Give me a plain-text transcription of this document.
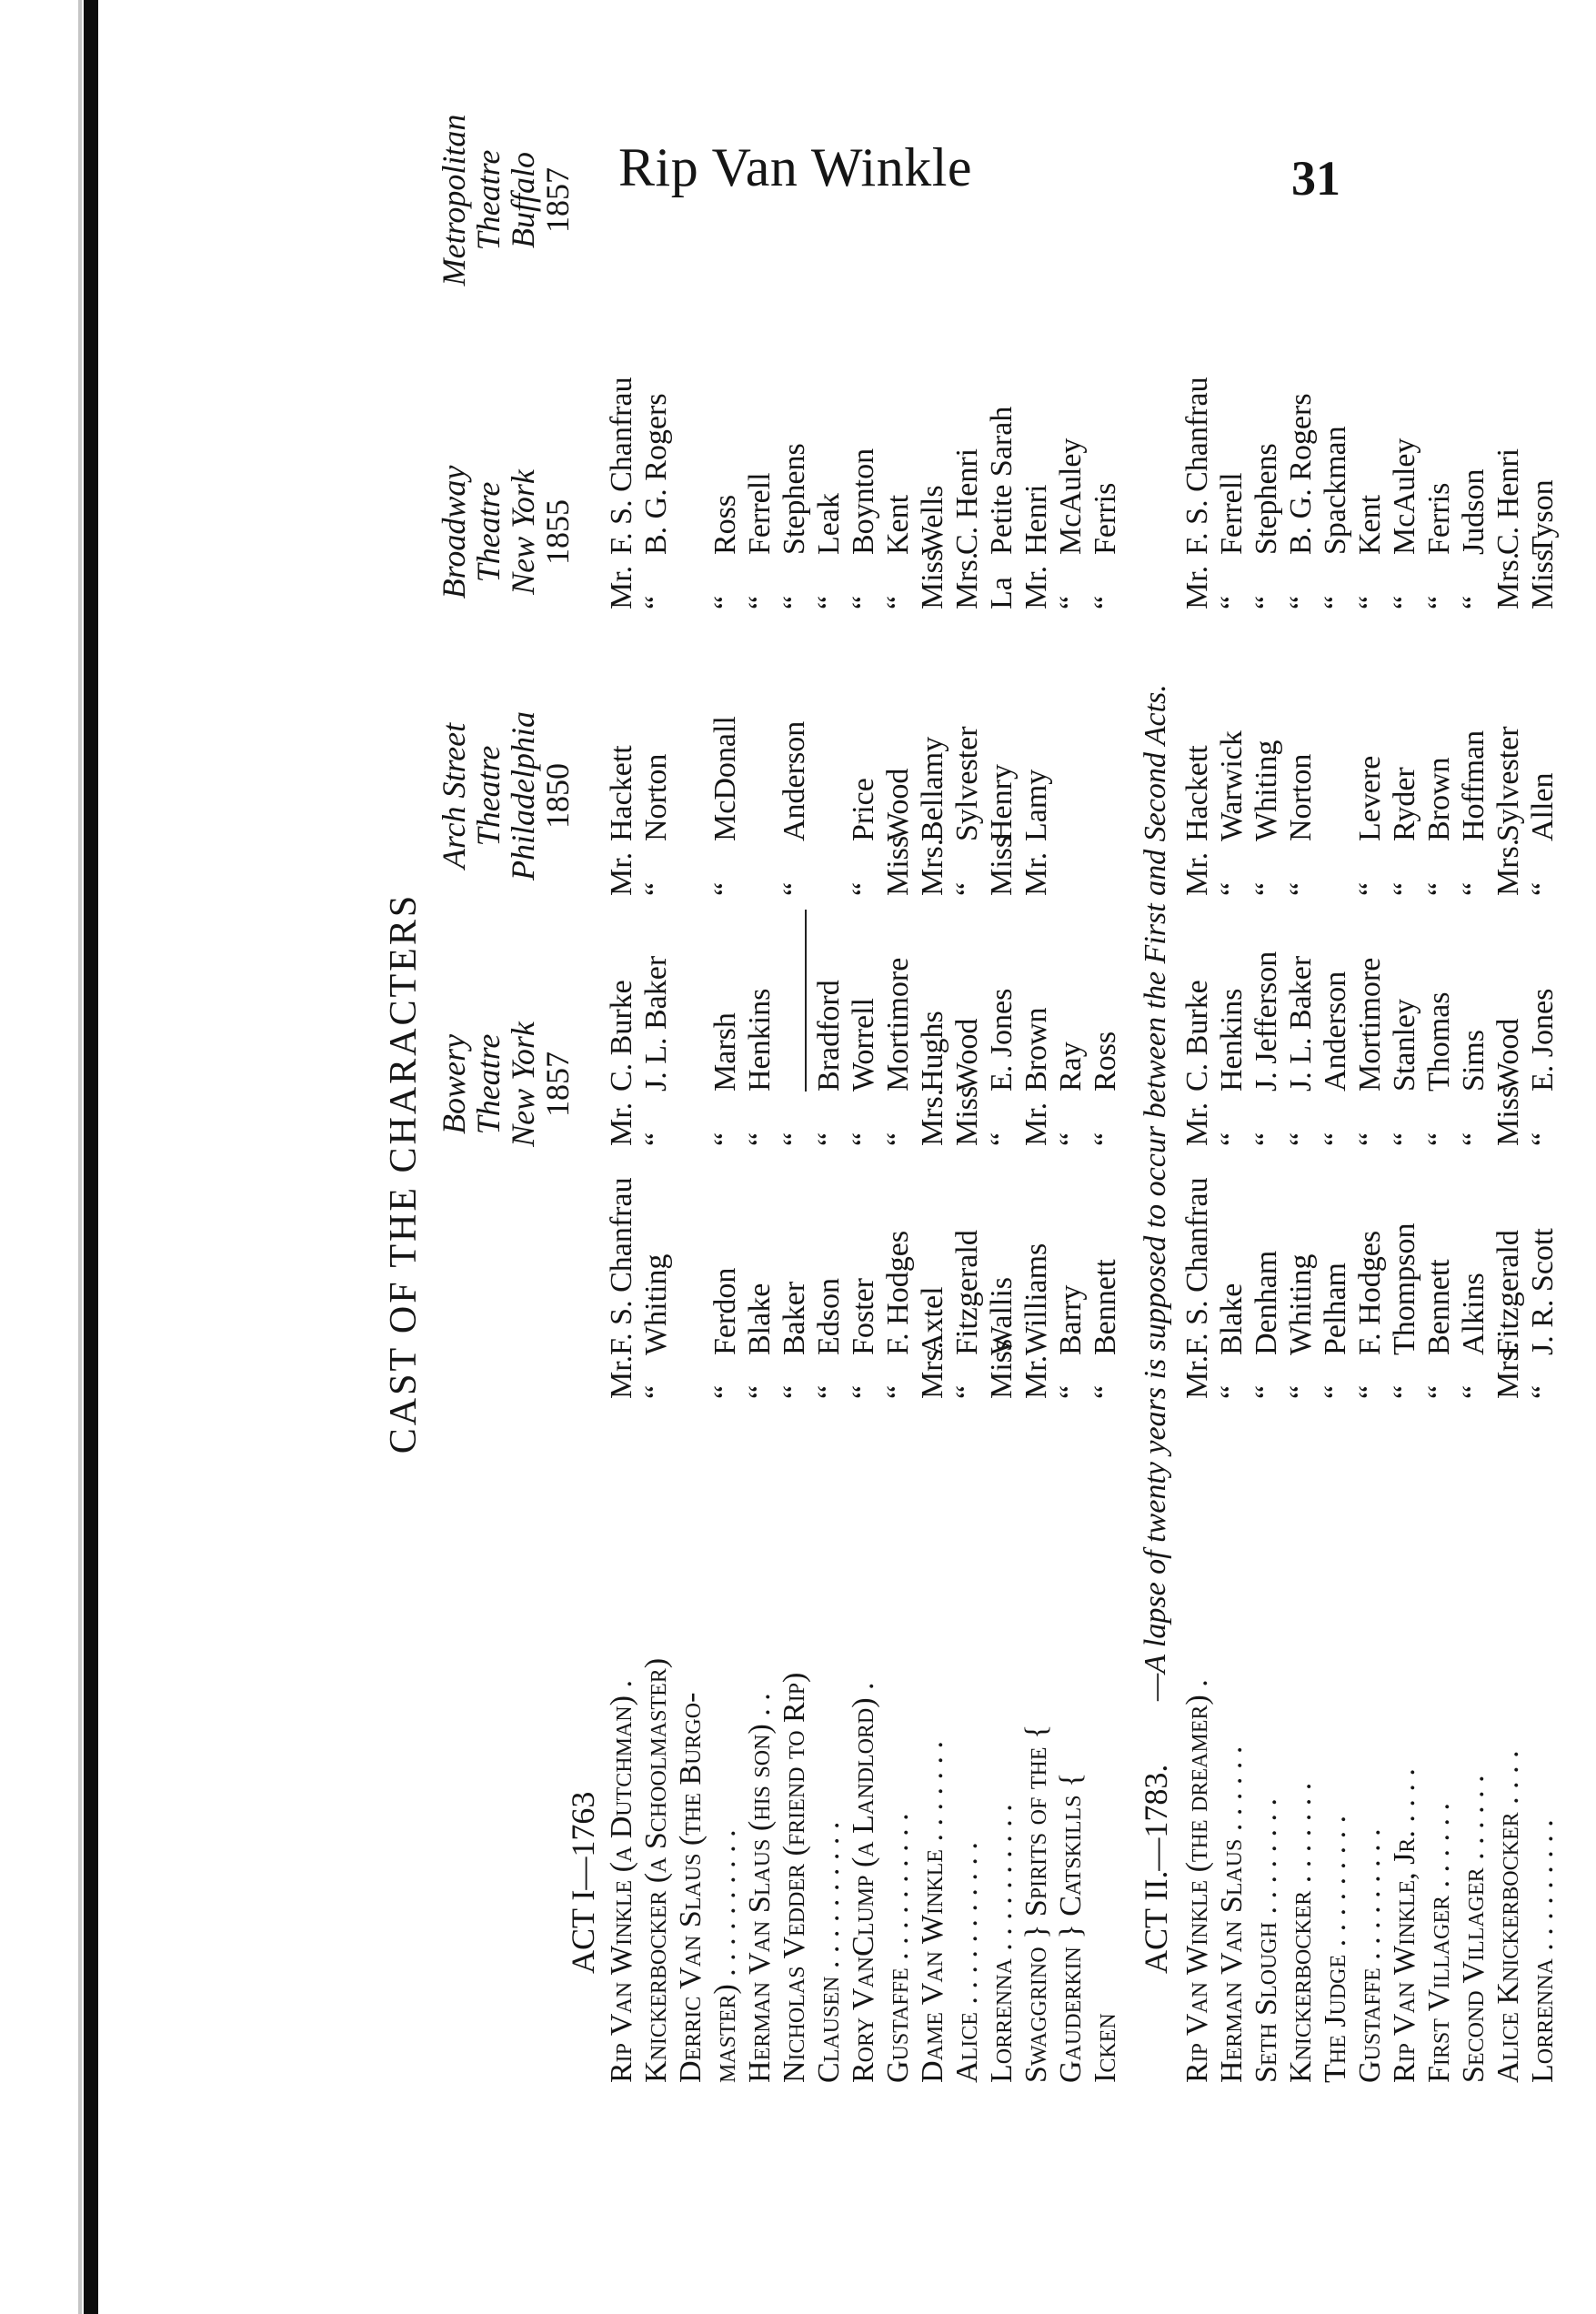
Rip Van Winkle	31
CAST OF THE CHARACTERS Bowery
Theatre
New York
1857
Arch Street
Theatre
Philadelphia
1850
Broadway
Theatre
New York
1855
Metropolitan
Theatre
Buffalo
1857
ACT I—1763 Rip Van Winkle (a Dutchman) .
Mr.
F. S. Chanfrau
Mr.
C. Burke
Mr.
Hackett
Mr.
F. S. Chanfrau
Knickerbocker (a Schoolmaster)
“
Whiting
“
J. L. Baker
“
Norton
“
B. G. Rogers
Derric Van Slaus (the Burgo- master) . . . . . . . . . .
“
Ferdon
“
Marsh
“
McDonall
“
Ross
Herman Van Slaus (his son) . .
“
Blake
“
Henkins
“
Ferrell
Nicholas Vedder (friend to Rip)
“
Baker
“
“
Anderson
“
Stephens
Clausen . . . . . . . . . .
“
Edson
“
Bradford
“
Leak
Rory VanClump (a Landlord) .
“
Foster
“
Worrell
“
Price
“
Boynton
Gustaffe . . . . . . . . . .
“
F. Hodges
“
Mortimore
Miss
Wood
“
Kent
Dame Van Winkle . . . . . . .
Mrs.
Axtel
Mrs.
Hughs
Mrs.
Bellamy
Miss
Wells
Alice . . . . . . . . . . .
“
Fitzgerald
Miss
Wood
“
Sylvester
Mrs.
C. Henri
Lorrenna . . . . . . . . . .
Miss
Wallis
“
E. Jones
Miss
Henry
La
Petite Sarah
Swaggrino } Spirits of the {
Mr.
Williams
Mr.
Brown
Mr.
Lamy
Mr.
Henri
Gauderkin } Catskills {
“
Barry
“
Ray
“
McAuley
Icken
“
Bennett
“
Ross
“
Ferris
ACT II.—1783.
—A lapse of twenty years is supposed to occur between the First and Second Acts.
Rip Van Winkle (the dreamer) .
Mr.
F. S. Chanfrau
Mr.
C. Burke
Mr.
Hackett
Mr.
F. S. Chanfrau
Herman Van Slaus . . . . . .
“
Blake
“
Henkins
“
Warwick
“
Ferrell
Seth Slough . . . . . . . .
“
Denham
“
J. Jefferson
“
Whiting
“
Stephens
Knickerbocker . . . . . . .
“
Whiting
“
J. L. Baker
“
Norton
“
B. G. Rogers
The Judge . . . . . . . . .
“
Pelham
“
Anderson
“
Spackman
Gustaffe . . . . . . . . .
“
F. Hodges
“
Mortimore
“
Levere
“
Kent
Rip Van Winkle, Jr. . . . .
“
Thompson
“
Stanley
“
Ryder
“
McAuley
First Villager . . . . . .
“
Bennett
“
Thomas
“
Brown
“
Ferris
Second Villager . . . . . .
“
Alkins
“
Sims
“
Hoffman
“
Judson
Alice Knickerbocker . . . .
Mrs.
Fitzgerald
Miss
Wood
Mrs.
Sylvester
Mrs.
C. Henri
Lorrenna . . . . . . . . .
“
J. R. Scott
“
E. Jones
“
Allen
Miss
Tyson
